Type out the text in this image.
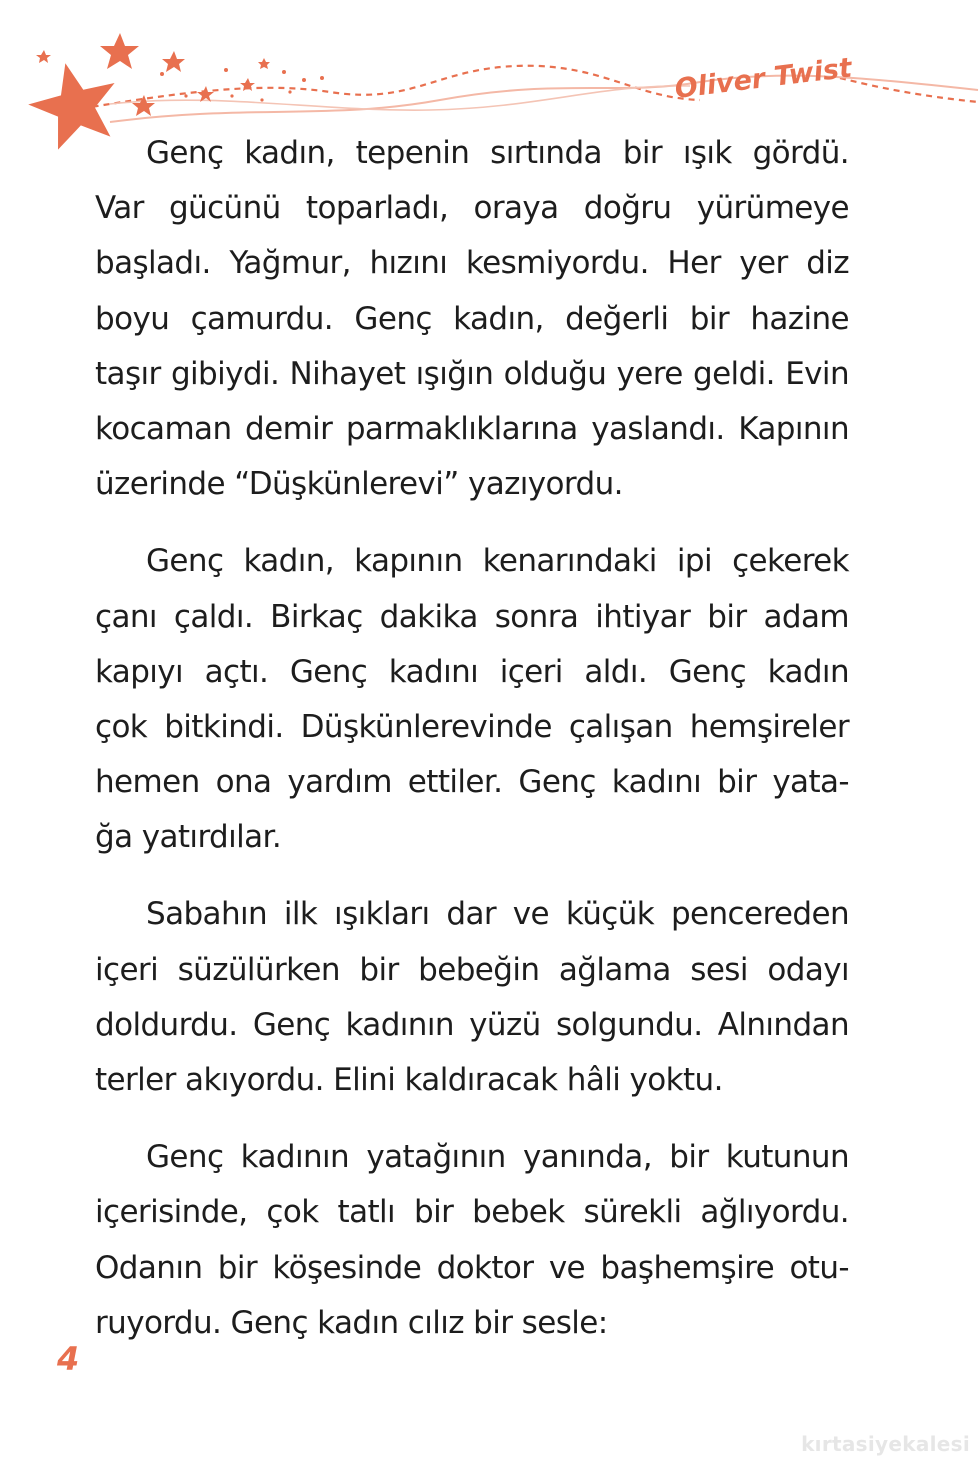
Oliver Twist
Genç kadın, tepenin sırtında bir ışık gördü.
Var gücünü toparladı, oraya doğru yürümeye
başladı. Yağmur, hızını kesmiyordu. Her yer diz
boyu çamurdu. Genç kadın, değerli bir hazine
taşır gibiydi. Nihayet ışığın olduğu yere geldi. Evin
kocaman demir parmaklıklarına yaslandı. Kapının
üzerinde “Düşkünlerevi” yazıyordu.
Genç kadın, kapının kenarındaki ipi çekerek
çanı çaldı. Birkaç dakika sonra ihtiyar bir adam
kapıyı açtı. Genç kadını içeri aldı. Genç kadın
çok bitkindi. Düşkünlerevinde çalışan hemşireler
hemen ona yardım ettiler. Genç kadını bir yata-
ğa yatırdılar.
Sabahın ilk ışıkları dar ve küçük pencereden
içeri süzülürken bir bebeğin ağlama sesi odayı
doldurdu. Genç kadının yüzü solgundu. Alnından
terler akıyordu. Elini kaldıracak hâli yoktu.
Genç kadının yatağının yanında, bir kutunun
içerisinde, çok tatlı bir bebek sürekli ağlıyordu.
Odanın bir köşesinde doktor ve başhemşire otu-
ruyordu. Genç kadın cılız bir sesle:
4
kırtasiyekalesi
